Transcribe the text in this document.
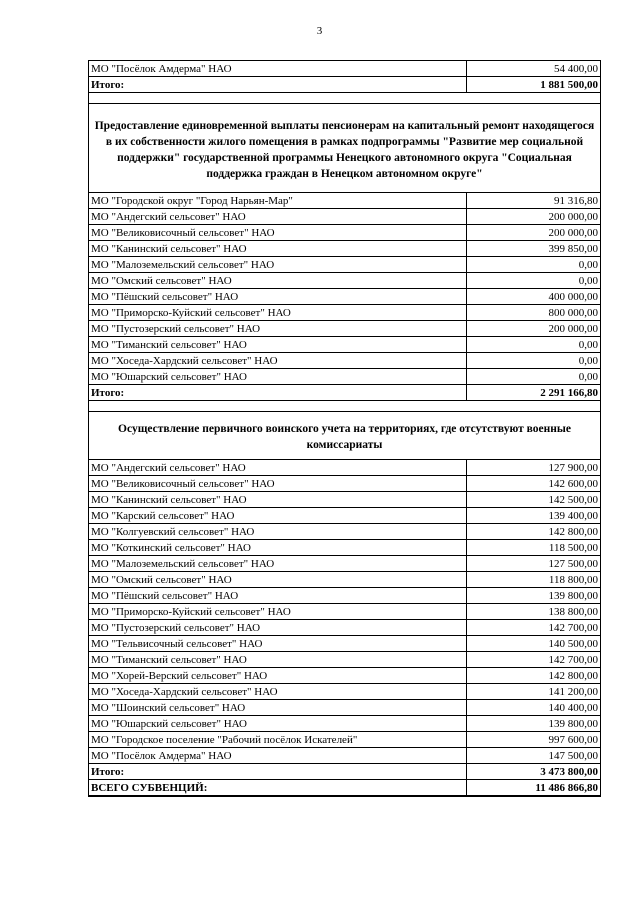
3
МО "Посёлок Амдерма" НАО	54 400,00
Итого:	1 881 500,00

Предоставление единовременной выплаты пенсионерам на капитальный ремонт находящегося в их собственности жилого помещения в рамках подпрограммы "Развитие мер социальной поддержки" государственной программы Ненецкого автономного округа "Социальная поддержка граждан в Ненецком автономном округе"	
МО "Городской округ "Город Нарьян-Мар"	91 316,80
МО "Андегский сельсовет" НАО	200 000,00
МО "Великовисочный сельсовет" НАО	200 000,00
МО "Канинский сельсовет" НАО	399 850,00
МО "Малоземельский сельсовет" НАО	0,00
МО "Омский сельсовет" НАО	0,00
МО "Пёшский сельсовет" НАО	400 000,00
МО "Приморско-Куйский сельсовет" НАО	800 000,00
МО "Пустозерский сельсовет" НАО	200 000,00
МО "Тиманский сельсовет" НАО	0,00
МО "Хоседа-Хардский сельсовет" НАО	0,00
МО "Юшарский сельсовет" НАО	0,00
Итого:	2 291 166,80

Осуществление первичного воинского учета на территориях, где отсутствуют военные комиссариаты	
МО "Андегский сельсовет" НАО	127 900,00
МО "Великовисочный сельсовет" НАО	142 600,00
МО "Канинский сельсовет" НАО	142 500,00
МО "Карский сельсовет" НАО	139 400,00
МО "Колгуевский сельсовет" НАО	142 800,00
МО "Коткинский сельсовет" НАО	118 500,00
МО "Малоземельский сельсовет" НАО	127 500,00
МО "Омский сельсовет" НАО	118 800,00
МО "Пёшский сельсовет" НАО	139 800,00
МО "Приморско-Куйский сельсовет" НАО	138 800,00
МО "Пустозерский сельсовет" НАО	142 700,00
МО "Тельвисочный сельсовет" НАО	140 500,00
МО "Тиманский сельсовет" НАО	142 700,00
МО "Хорей-Верский сельсовет" НАО	142 800,00
МО "Хоседа-Хардский сельсовет" НАО	141 200,00
МО "Шоинский сельсовет" НАО	140 400,00
МО "Юшарский сельсовет" НАО	139 800,00
МО "Городское поселение "Рабочий посёлок Искателей"	997 600,00
МО "Посёлок Амдерма" НАО	147 500,00
Итого:	3 473 800,00
ВСЕГО СУБВЕНЦИЙ:	11 486 866,80
